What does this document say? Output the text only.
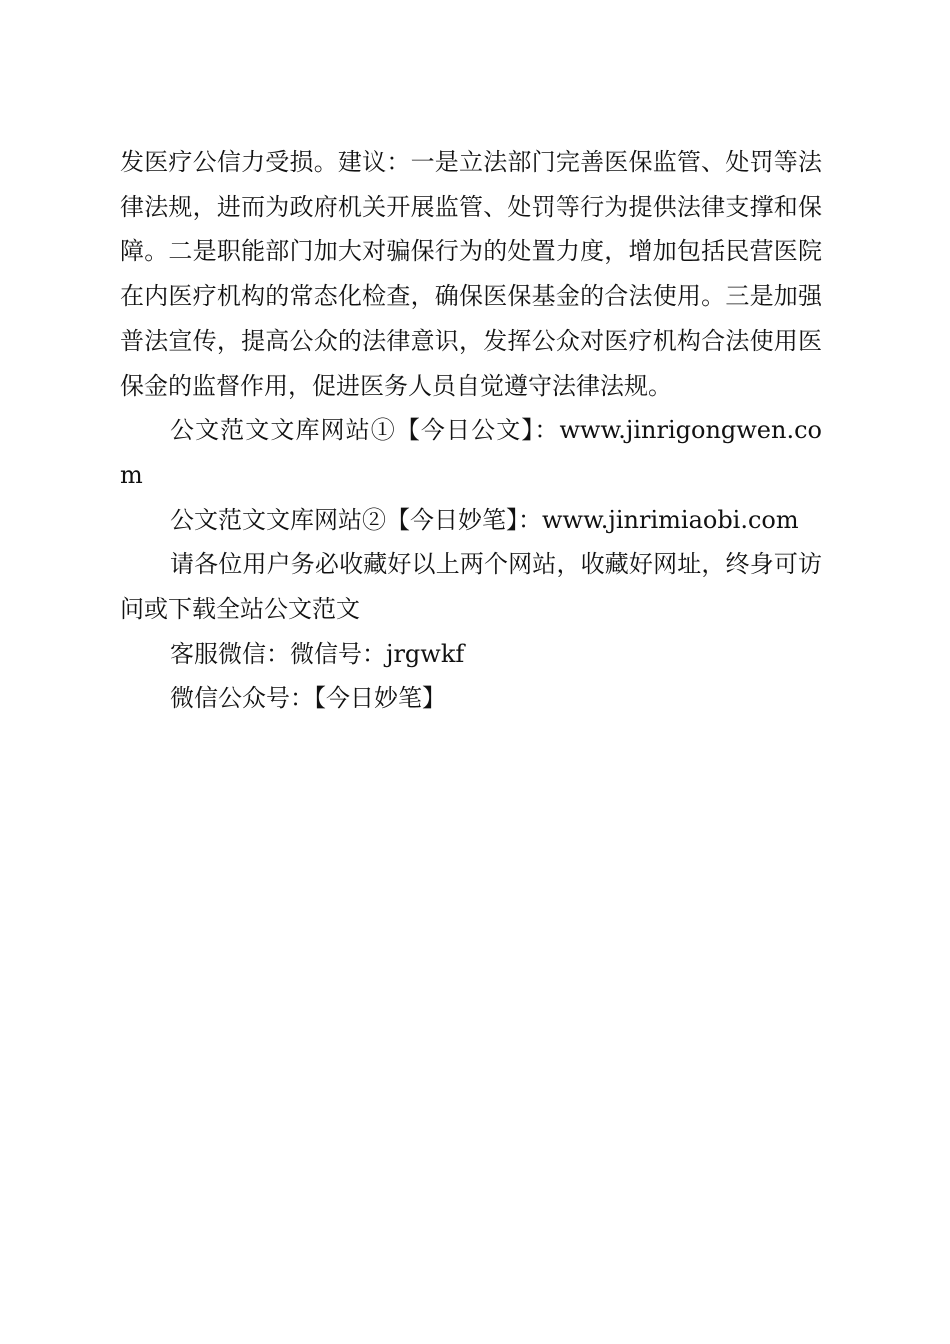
发医疗公信力受损。建议：一是立法部门完善医保监管、处罚等法律法规，进而为政府机关开展监管、处罚等行为提供法律支撑和保障。二是职能部门加大对骗保行为的处置力度，增加包括民营医院在内医疗机构的常态化检查，确保医保基金的合法使用。三是加强普法宣传，提高公众的法律意识，发挥公众对医疗机构合法使用医保金的监督作用，促进医务人员自觉遵守法律法规。

公文范文文库网站①【今日公文】：www.jinrigongwen.com

公文范文文库网站②【今日妙笔】：www.jinrimiaobi.com

请各位用户务必收藏好以上两个网站，收藏好网址，终身可访问或下载全站公文范文

客服微信：微信号：jrgwkf

微信公众号：【今日妙笔】
